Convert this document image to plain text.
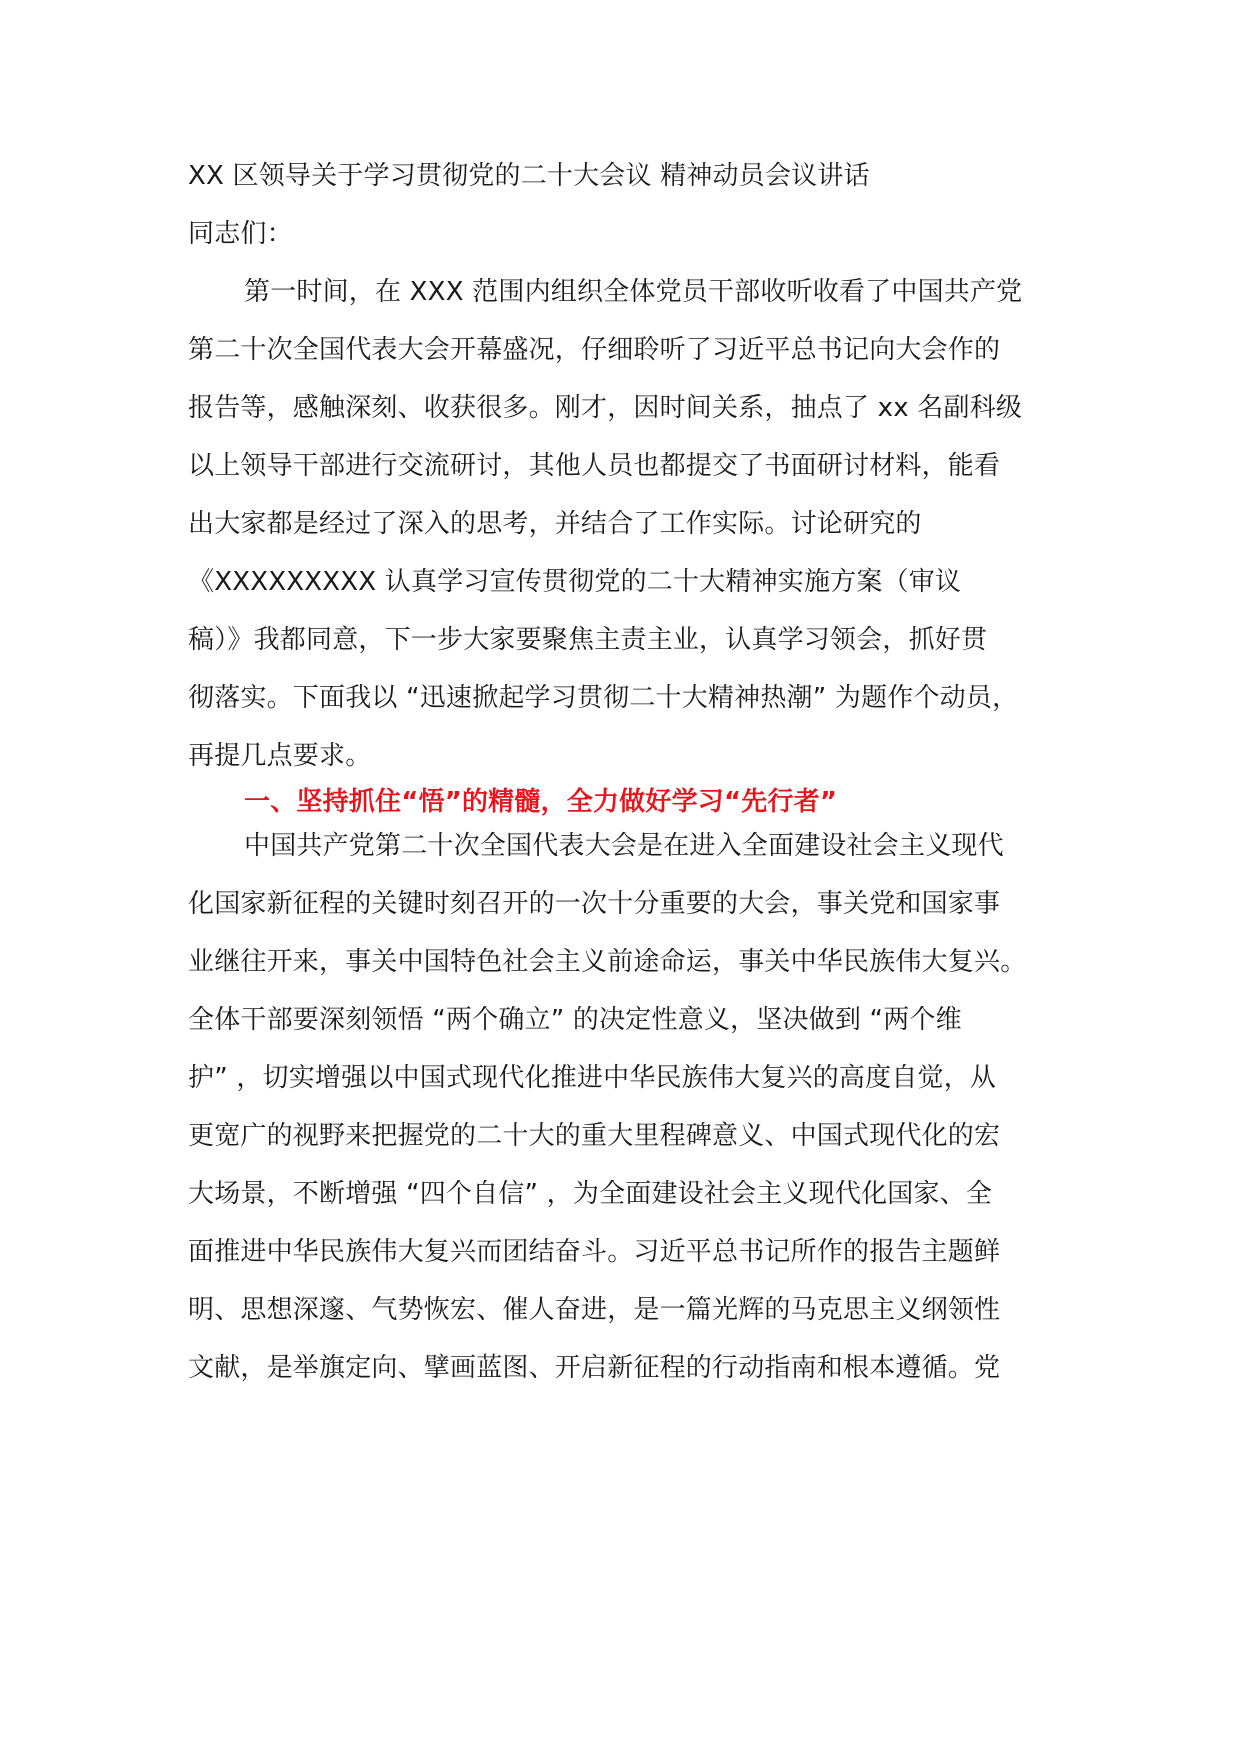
XX 区领导关于学习贯彻党的二十大会议 精神动员会议讲话
同志们：
第一时间，在 XXX 范围内组织全体党员干部收听收看了中国共产党
第二十次全国代表大会开幕盛况，仔细聆听了习近平总书记向大会作的
报告等，感触深刻、收获很多。刚才，因时间关系，抽点了 xx 名副科级
以上领导干部进行交流研讨，其他人员也都提交了书面研讨材料，能看
出大家都是经过了深入的思考，并结合了工作实际。讨论研究的
《XXXXXXXXX 认真学习宣传贯彻党的二十大精神实施方案（审议
稿）》我都同意，下一步大家要聚焦主责主业，认真学习领会，抓好贯
彻落实。下面我以 “迅速掀起学习贯彻二十大精神热潮” 为题作个动员，
再提几点要求。
一、坚持抓住“悟”的精髓，全力做好学习“先行者”
中国共产党第二十次全国代表大会是在进入全面建设社会主义现代
化国家新征程的关键时刻召开的一次十分重要的大会，事关党和国家事
业继往开来，事关中国特色社会主义前途命运，事关中华民族伟大复兴。
全体干部要深刻领悟 “两个确立” 的决定性意义，坚决做到 “两个维
护” ，切实增强以中国式现代化推进中华民族伟大复兴的高度自觉，从
更宽广的视野来把握党的二十大的重大里程碑意义、中国式现代化的宏
大场景，不断增强 “四个自信” ，为全面建设社会主义现代化国家、全
面推进中华民族伟大复兴而团结奋斗。习近平总书记所作的报告主题鲜
明、思想深邃、气势恢宏、催人奋进，是一篇光辉的马克思主义纲领性
文献，是举旗定向、擘画蓝图、开启新征程的行动指南和根本遵循。党
